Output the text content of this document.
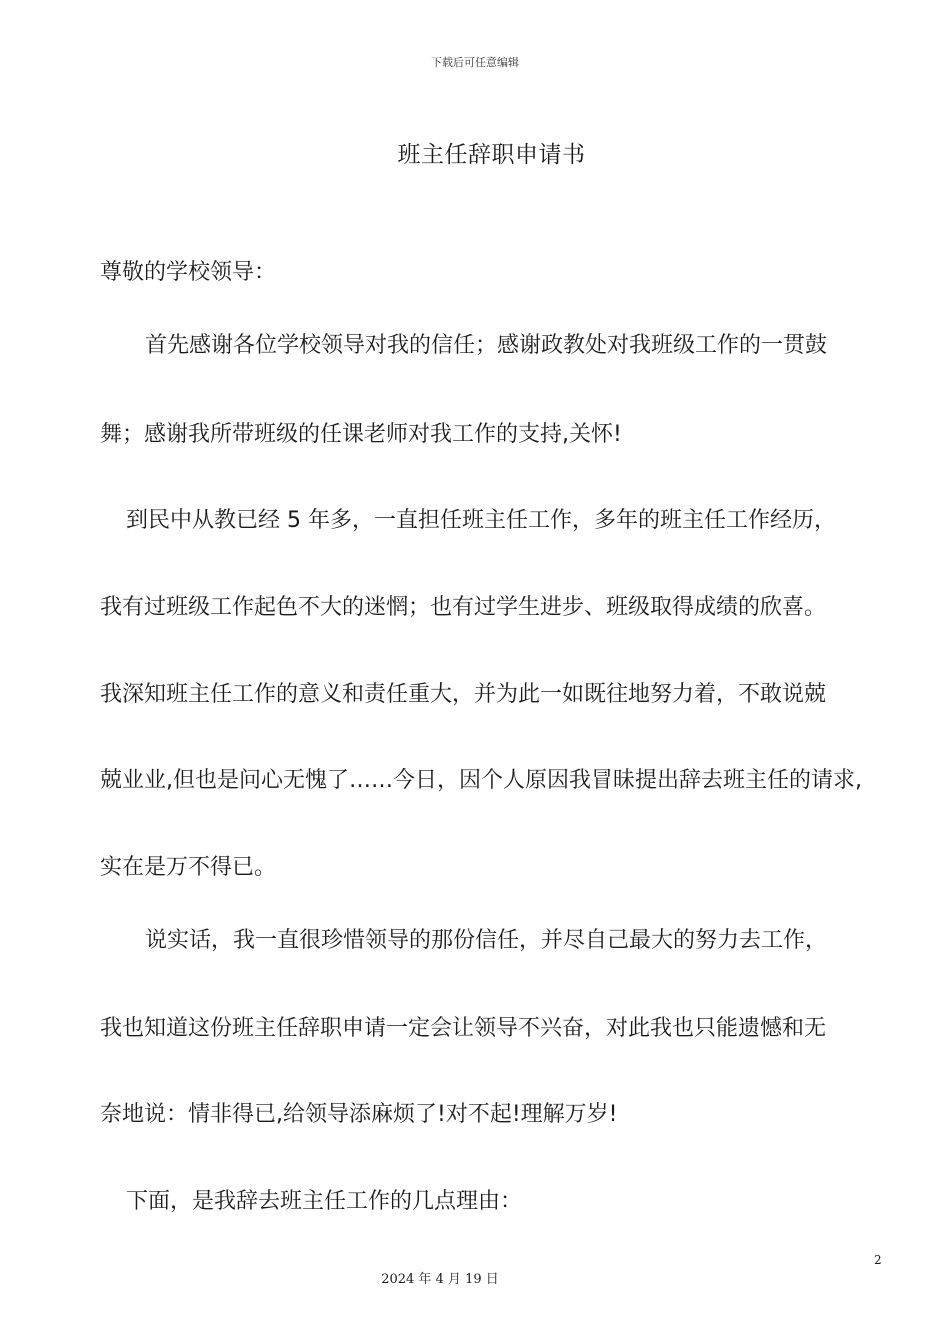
下载后可任意编辑
班主任辞职申请书
尊敬的学校领导：
首先感谢各位学校领导对我的信任；感谢政教处对我班级工作的一贯鼓
舞；感谢我所带班级的任课老师对我工作的支持,关怀!
到民中从教已经 5 年多，一直担任班主任工作，多年的班主任工作经历，
我有过班级工作起色不大的迷惘；也有过学生进步、班级取得成绩的欣喜。
我深知班主任工作的意义和责任重大，并为此一如既往地努力着，不敢说兢
兢业业,但也是问心无愧了……今日，因个人原因我冒昧提出辞去班主任的请求,
实在是万不得已。
说实话，我一直很珍惜领导的那份信任，并尽自己最大的努力去工作，
我也知道这份班主任辞职申请一定会让领导不兴奋，对此我也只能遗憾和无
奈地说：情非得已,给领导添麻烦了!对不起!理解万岁!
下面，是我辞去班主任工作的几点理由：
2
2024 年 4 月 19 日
